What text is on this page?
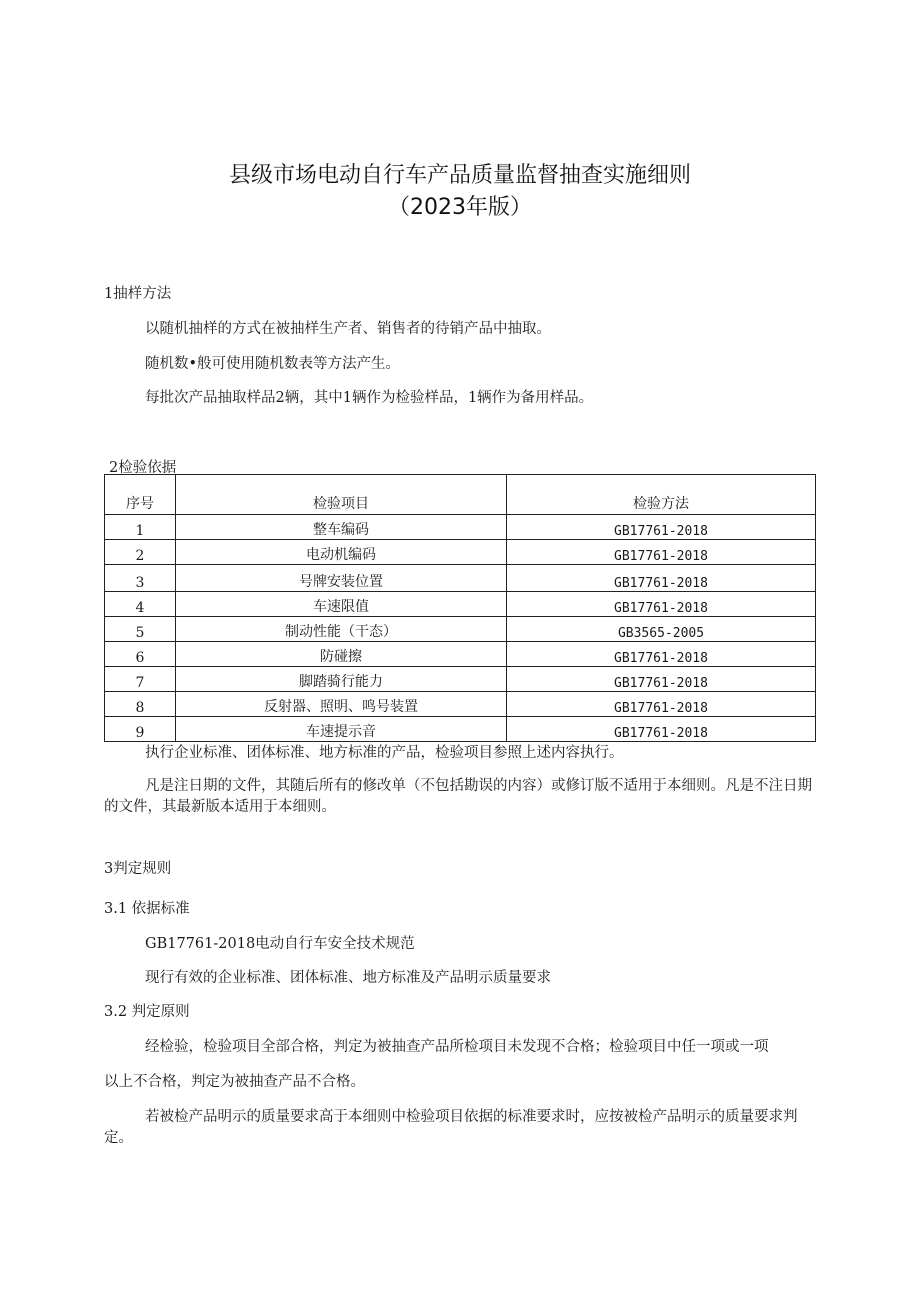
县级市场电动自行车产品质量监督抽查实施细则
（2023年版）
1抽样方法
以随机抽样的方式在被抽样生产者、销售者的待销产品中抽取。
随机数•般可使用随机数表等方法产生。
每批次产品抽取样品2辆，其中1辆作为检验样品，1辆作为备用样品。
2检验依据
序号	检验项目	检验方法
1	整车编码	GB17761-2018
2	电动机编码	GB17761-2018
3	号牌安装位置	GB17761-2018
4	车速限值	GB17761-2018
5	制动性能（干态）	GB3565-2005
6	防碰擦	GB17761-2018
7	脚踏骑行能力	GB17761-2018
8	反射器、照明、鸣号装置	GB17761-2018
9	车速提示音	GB17761-2018
执行企业标准、团体标准、地方标准的产品，检验项目参照上述内容执行。
凡是注日期的文件，其随后所有的修改单（不包括勘误的内容）或修订版不适用于本细则。凡是不注日期的文件，其最新版本适用于本细则。
3判定规则
3.1 依据标准
GB17761-2018电动自行车安全技术规范
现行有效的企业标准、团体标准、地方标准及产品明示质量要求
3.2 判定原则
经检验，检验项目全部合格，判定为被抽查产品所检项目未发现不合格；检验项目中任一项或一项
以上不合格，判定为被抽查产品不合格。
若被检产品明示的质量要求高于本细则中检验项目依据的标准要求时，应按被检产品明示的质量要求判定。
